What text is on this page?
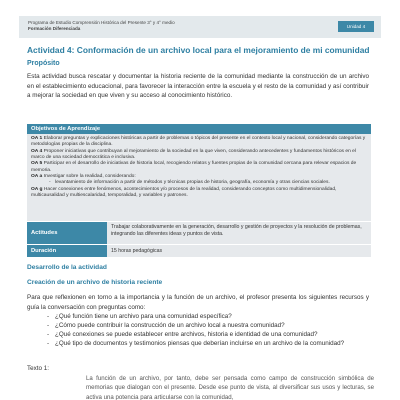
Programa de Estudio Comprensión Histórica del Presente 3° y 4° medio
Formación Diferenciada	Unidad 4
Actividad 4: Conformación de un archivo local para el mejoramiento de mi comunidad
Propósito
Esta actividad busca rescatar y documentar la historia reciente de la comunidad mediante la construcción de un archivo en el establecimiento educacional, para favorecer la interacción entre la escuela y el resto de la comunidad y así contribuir a mejorar la sociedad en que viven y su acceso al conocimiento histórico.
Objetivos de Aprendizaje

OA 1 Elaborar preguntas y explicaciones históricas a partir de problemas o tópicos del presente en el contexto local y nacional, considerando categorías y metodologías propias de la disciplina.

OA 4 Proponer iniciativas que contribuyan al mejoramiento de la sociedad en la que viven, considerando antecedentes y fundamentos históricos en el marco de una sociedad democrática e inclusiva.

OA 5 Participar en el desarrollo de iniciativas de historia local, recogiendo relatos y fuentes propias de la comunidad cercana para relevar espacios de memoria.

OA a Investigar sobre la realidad, considerando:

- levantamiento de información a partir de métodos y técnicas propias de historia, geografía, economía y otras ciencias sociales.

OA g Hacer conexiones entre fenómenos, acontecimientos y/o procesos de la realidad, considerando conceptos como multidimensionalidad, multicausalidad y multiescalaridad, temporalidad, y variables y patrones.

Actitudes
Trabajar colaborativamente en la generación, desarrollo y gestión de proyectos y la resolución de problemas, integrando las diferentes ideas y puntos de vista.
Duración	15 horas pedagógicas
Desarrollo de la actividad
Creación de un archivo de historia reciente
Para que reflexionen en torno a la importancia y la función de un archivo, el profesor presenta los siguientes recursos y guía la conversación con preguntas como:
- ¿Qué función tiene un archivo para una comunidad específica?
- ¿Cómo puede contribuir la construcción de un archivo local a nuestra comunidad?
- ¿Qué conexiones se puede establecer entre archivos, historia e identidad de una comunidad?
- ¿Qué tipo de documentos y testimonios piensas que deberían incluirse en un archivo de la comunidad?
Texto 1:
La función de un archivo, por tanto, debe ser pensada como campo de construcción simbólica de memorias que dialogan con el presente. Desde ese punto de vista, al diversificar sus usos y lecturas, se activa una potencia para articularse con la comunidad,
